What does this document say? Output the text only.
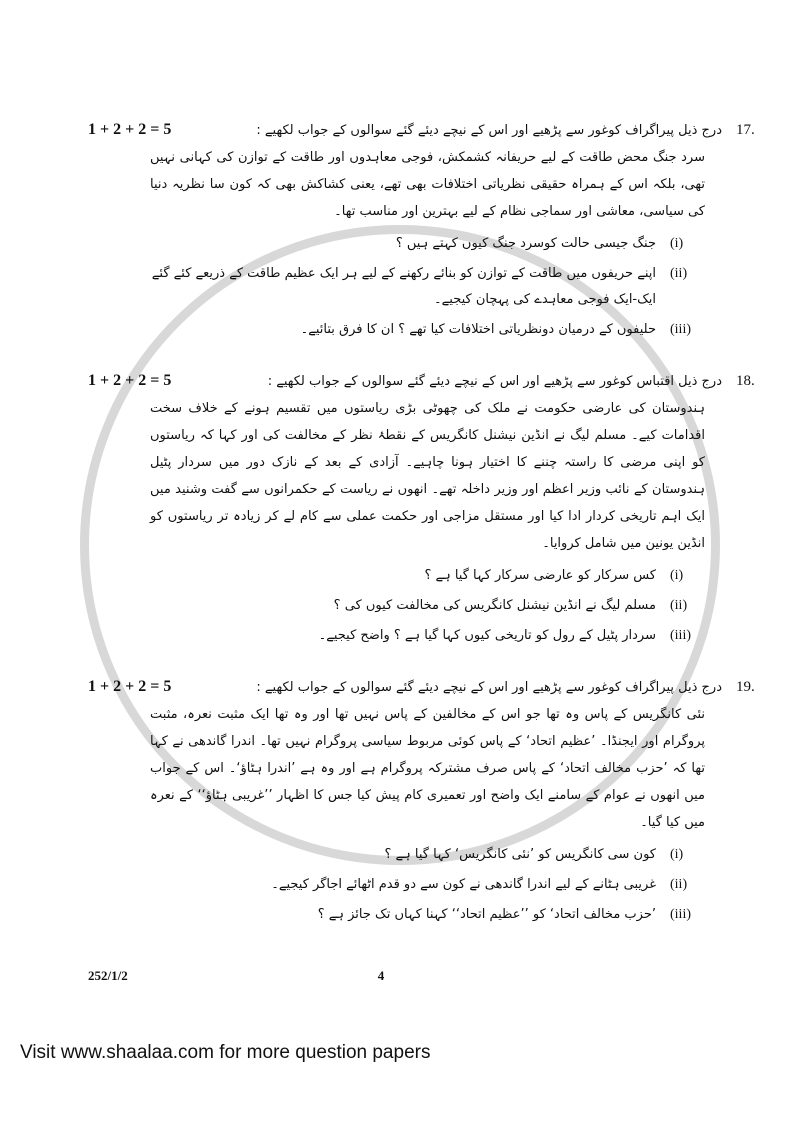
1 + 2 + 2 = 5	درج ذیل پیراگراف کوغور سے پڑھیے اور اس کے نیچے دیئے گئے سوالوں کے جواب لکھیے : 17.
سرد جنگ محض طاقت کے لیے حریفانہ کشمکش، فوجی معاہدوں اور طاقت کے توازن کی کہانی نہیں تھی، بلکہ اس کے ہمراہ حقیقی نظریاتی اختلافات بھی تھے، یعنی کشاکش بھی کہ کون سا نظریہ دنیا کی سیاسی، معاشی اور سماجی نظام کے لیے بہترین اور مناسب تھا۔
جنگ جیسی حالت کوسرد جنگ کیوں کہتے ہیں ؟	(i)
اپنے حریفوں میں طاقت کے توازن کو بنائے رکھنے کے لیے ہر ایک عظیم طاقت کے ذریعے کئے گئے ایک-ایک فوجی معاہدے کی پہچان کیجیے۔
(ii)
حلیفوں کے درمیان دونظریاتی اختلافات کیا تھے ؟ ان کا فرق بتائیے۔	(iii)
1 + 2 + 2 = 5	درج ذیل اقتباس کوغور سے پڑھیے اور اس کے نیچے دیئے گئے سوالوں کے جواب لکھیے : 18.
ہندوستان کی عارضی حکومت نے ملک کی چھوٹی بڑی ریاستوں میں تقسیم ہونے کے خلاف سخت اقدامات کیے۔ مسلم لیگ نے انڈین نیشنل کانگریس کے نقطۂ نظر کے مخالفت کی اور کہا کہ ریاستوں کو اپنی مرضی کا راستہ چننے کا اختیار ہونا چاہیے۔ آزادی کے بعد کے نازک دور میں سردار پٹیل ہندوستان کے نائب وزیر اعظم اور وزیر داخلہ تھے۔ انھوں نے ریاست کے حکمرانوں سے گفت وشنید میں ایک اہم تاریخی کردار ادا کیا اور مستقل مزاجی اور حکمت عملی سے کام لے کر زیادہ تر ریاستوں کو انڈین یونین میں شامل کروایا۔
کس سرکار کو عارضی سرکار کہا گیا ہے ؟	(i)
مسلم لیگ نے انڈین نیشنل کانگریس کی مخالفت کیوں کی ؟	(ii)
سردار پٹیل کے رول کو تاریخی کیوں کہا گیا ہے ؟ واضح کیجیے۔	(iii)
1 + 2 + 2 = 5	درج ذیل پیراگراف کوغور سے پڑھیے اور اس کے نیچے دیئے گئے سوالوں کے جواب لکھیے : 19.
نئی کانگریس کے پاس وہ تھا جو اس کے مخالفین کے پاس نہیں تھا اور وہ تھا ایک مثبت نعرہ، مثبت پروگرام اور ایجنڈا۔ ’عظیم اتحاد‘ کے پاس کوئی مربوط سیاسی پروگرام نہیں تھا۔ اندرا گاندھی نے کہا تھا کہ ’حزب مخالف اتحاد‘ کے پاس صرف مشترکہ پروگرام ہے اور وہ ہے ’اندرا ہٹاؤ‘۔ اس کے جواب میں انھوں نے عوام کے سامنے ایک واضح اور تعمیری کام پیش کیا جس کا اظہار ’’غریبی ہٹاؤ‘‘ کے نعرہ میں کیا گیا۔
کون سی کانگریس کو ’نئی کانگریس‘ کہا گیا ہے ؟	(i)
غریبی ہٹانے کے لیے اندرا گاندھی نے کون سے دو قدم اٹھائے اجاگر کیجیے۔	(ii)
’حزب مخالف اتحاد‘ کو ’’عظیم اتحاد‘‘ کہنا کہاں تک جائز ہے ؟	(iii)
252/1/2	4
Visit www.shaalaa.com for more question papers
